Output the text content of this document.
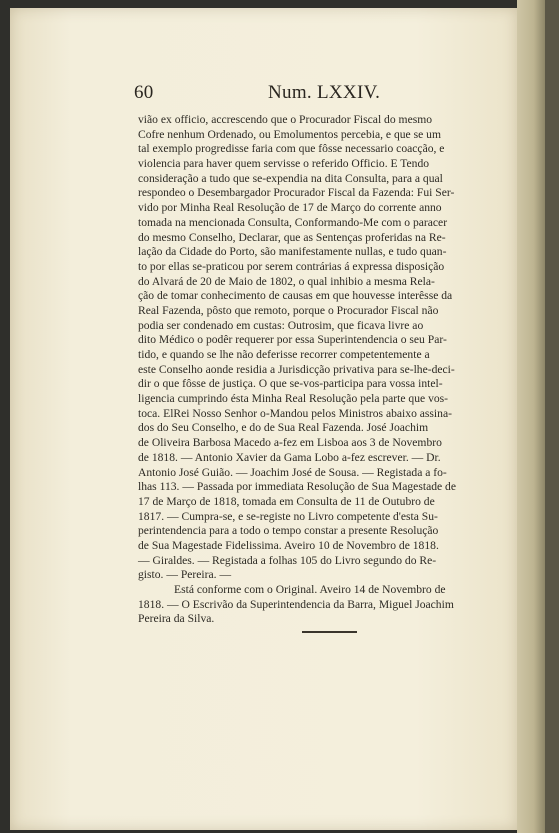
60	Num. LXXIV.
vião ex officio, accrescendo que o Procurador Fiscal do mesmo
Cofre nenhum Ordenado, ou Emolumentos percebia, e que se um
tal exemplo progredisse faria com que fôsse necessario coacção, e
violencia para haver quem servisse o referido Officio. E Tendo
consideração a tudo que se-expendia na dita Consulta, para a qual
respondeo o Desembargador Procurador Fiscal da Fazenda: Fui Ser-
vido por Minha Real Resolução de 17 de Março do corrente anno
tomada na mencionada Consulta, Conformando-Me com o paracer
do mesmo Conselho, Declarar, que as Sentenças proferidas na Re-
lação da Cidade do Porto, são manifestamente nullas, e tudo quan-
to por ellas se-praticou por serem contrárias á expressa disposição
do Alvará de 20 de Maio de 1802, o qual inhibio a mesma Rela-
ção de tomar conhecimento de causas em que houvesse interêsse da
Real Fazenda, pôsto que remoto, porque o Procurador Fiscal não
podia ser condenado em custas: Outrosim, que ficava livre ao
dito Médico o podêr requerer por essa Superintendencia o seu Par-
tido, e quando se lhe não deferisse recorrer competentemente a
este Conselho aonde residia a Jurisdicção privativa para se-lhe-deci-
dir o que fôsse de justiça. O que se-vos-participa para vossa intel-
ligencia cumprindo ésta Minha Real Resolução pela parte que vos-
toca. ElRei Nosso Senhor o-Mandou pelos Ministros abaixo assina-
dos do Seu Conselho, e do de Sua Real Fazenda. José Joachim
de Oliveira Barbosa Macedo a-fez em Lisboa aos 3 de Novembro
de 1818. — Antonio Xavier da Gama Lobo a-fez escrever. — Dr.
Antonio José Guião. — Joachim José de Sousa. — Registada a fo-
lhas 113. — Passada por immediata Resolução de Sua Magestade de
17 de Março de 1818, tomada em Consulta de 11 de Outubro de
1817. — Cumpra-se, e se-registe no Livro competente d'esta Su-
perintendencia para a todo o tempo constar a presente Resolução
de Sua Magestade Fidelissima. Aveiro 10 de Novembro de 1818.
— Giraldes. — Registada a folhas 105 do Livro segundo do Re-
gisto. — Pereira. —
Está conforme com o Original. Aveiro 14 de Novembro de
1818. — O Escrivão da Superintendencia da Barra, Miguel Joachim
Pereira da Silva.
